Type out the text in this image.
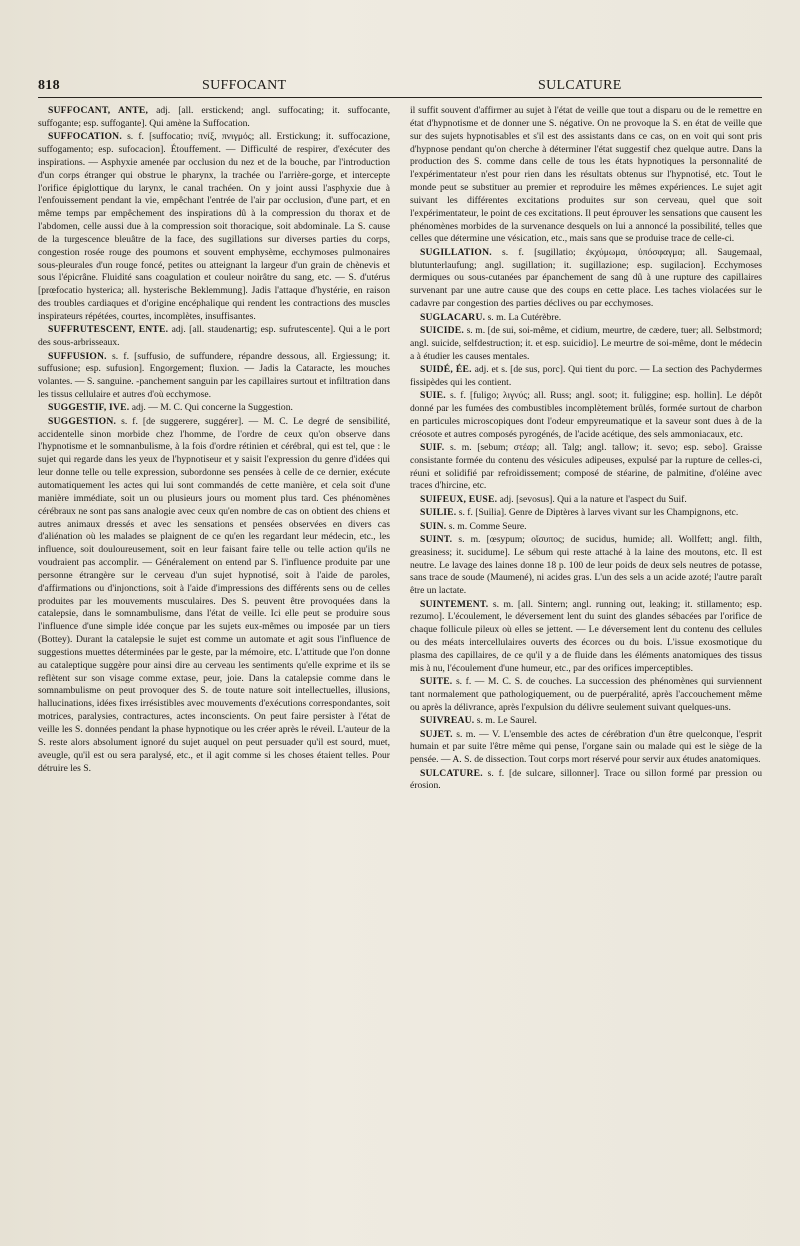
818	SUFFOCANT	SULCATURE

SUFFOCANT, ANTE, adj. [all. erstickend; angl. suffocating; it. suffocante, suffogante; esp. suffogante]. Qui amène la Suffocation.

SUFFOCATION. s. f. [suffocatio; πνίξ, πνιγμός; all. Erstickung; it. suffocazione, suffogamento; esp. sufocacion]. Étouffement. — Difficulté de respirer, d'exécuter des inspirations. — Asphyxie amenée par occlusion du nez et de la bouche, par l'introduction d'un corps étranger qui obstrue le pharynx, la trachée ou l'arrière-gorge, et intercepte l'orifice épiglottique du larynx, le canal trachéen. On y joint aussi l'asphyxie due à l'enfouissement pendant la vie, empêchant l'entrée de l'air par occlusion, d'une part, et en même temps par empêchement des inspirations dû à la compression du thorax et de l'abdomen, celle aussi due à la compression soit thoracique, soit abdominale. La S. cause de la turgescence bleuâtre de la face, des sugillations sur diverses parties du corps, congestion rosée rouge des poumons et souvent emphysème, ecchymoses pulmonaires sous-pleurales d'un rouge foncé, petites ou atteignant la largeur d'un grain de chènevis et sous l'épicrâne. Fluidité sans coagulation et couleur noirâtre du sang, etc. — S. d'utérus [prœfocatio hysterica; all. hysterische Beklemmung]. Jadis l'attaque d'hystérie, en raison des troubles cardiaques et d'origine encéphalique qui rendent les contractions des muscles inspirateurs répétées, courtes, incomplètes, insuffisantes.

SUFFRUTESCENT, ENTE. adj. [all. staudenartig; esp. sufrutescente]. Qui a le port des sous-arbrisseaux.

SUFFUSION. s. f. [suffusio, de suffundere, répandre dessous, all. Ergiessung; it. suffusione; esp. sufusion]. Engorgement; fluxion. — Jadis la Cataracte, les mouches volantes. — S. sanguine. -panchement sanguin par les capillaires surtout et infiltration dans les tissus cellulaire et autres d'où ecchymose.

SUGGESTIF, IVE. adj. — M. C. Qui concerne la Suggestion.

SUGGESTION. s. f. [de suggerere, suggérer]. — M. C. Le degré de sensibilité, accidentelle sinon morbide chez l'homme, de l'ordre de ceux qu'on observe dans l'hypnotisme et le somnanbulisme, à la fois d'ordre rétinien et cérébral, qui est tel, que : le sujet qui regarde dans les yeux de l'hypnotiseur et y saisit l'expression du genre d'idées qui leur donne telle ou telle expression, subordonne ses pensées à celle de ce dernier, exécute automatiquement les actes qui lui sont commandés de cette manière, et cela soit d'une manière immédiate, soit un ou plusieurs jours ou moment plus tard. Ces phénomènes cérébraux ne sont pas sans analogie avec ceux qu'en nombre de cas on obtient des chiens et autres animaux dressés et avec les sensations et pensées observées en divers cas d'aliénation où les malades se plaignent de ce qu'en les regardant leur médecin, etc., les influence, soit douloureusement, soit en leur faisant faire telle ou telle action qu'ils ne voudraient pas accomplir. — Généralement on entend par S. l'influence produite par une personne étrangère sur le cerveau d'un sujet hypnotisé, soit à l'aide de paroles, d'affirmations ou d'injonctions, soit à l'aide d'impressions des différents sens ou de celles produites par les mouvements musculaires. Des S. peuvent être provoquées dans la catalepsie, dans le somnambulisme, dans l'état de veille. Ici elle peut se produire sous l'influence d'une simple idée conçue par les sujets eux-mêmes ou imposée par un tiers (Bottey). Durant la catalepsie le sujet est comme un automate et agit sous l'influence de suggestions muettes déterminées par le geste, par la mémoire, etc. L'attitude que l'on donne au cataleptique suggère pour ainsi dire au cerveau les sentiments qu'elle exprime et ils se reflètent sur son visage comme extase, peur, joie. Dans la catalepsie comme dans le somnambulisme on peut provoquer des S. de toute nature soit intellectuelles, illusions, hallucinations, idées fixes irrésistibles avec mouvements d'exécutions correspondantes, soit motrices, paralysies, contractures, actes inconscients. On peut faire persister à l'état de veille les S. données pendant la phase hypnotique ou les créer après le réveil. L'auteur de la S. reste alors absolument ignoré du sujet auquel on peut persuader qu'il est sourd, muet, aveugle, qu'il est ou sera paralysé, etc., et il agit comme si les choses étaient telles. Pour détruire les S.

il suffit souvent d'affirmer au sujet à l'état de veille que tout a disparu ou de le remettre en état d'hypnotisme et de donner une S. négative. On ne provoque la S. en état de veille que sur des sujets hypnotisables et s'il est des assistants dans ce cas, on en voit qui sont pris d'hypnose pendant qu'on cherche à déterminer l'état suggestif chez quelque autre. Dans la production des S. comme dans celle de tous les états hypnotiques la personnalité de l'expérimentateur n'est pour rien dans les résultats obtenus sur l'hypnotisé, etc. Tout le monde peut se substituer au premier et reproduire les mêmes expériences. Le sujet agit suivant les différentes excitations produites sur son cerveau, quel que soit l'expérimentateur, le point de ces excitations. Il peut éprouver les sensations que causent les phénomènes morbides de la survenance desquels on lui a annoncé la possibilité, telles que celles que détermine une vésication, etc., mais sans que se produise trace de celle-ci.

SUGILLATION. s. f. [sugillatio; ἐκχύμωμα, ὑπόσφαγμα; all. Saugemaal, blutunterlaufung; angl. sugillation; it. sugillazione; esp. sugilacion]. Ecchymoses dermiques ou sous-cutanées par épanchement de sang dû à une rupture des capillaires survenant par une autre cause que des coups en cette place. Les taches violacées sur le cadavre par congestion des parties déclives ou par ecchymoses.

SUGLACARU. s. m. La Cutérèbre.

SUICIDE. s. m. [de sui, soi-même, et cidium, meurtre, de cædere, tuer; all. Selbstmord; angl. suicide, selfdestruction; it. et esp. suicidio]. Le meurtre de soi-même, dont le médecin a à étudier les causes mentales.

SUIDÉ, ÉE. adj. et s. [de sus, porc]. Qui tient du porc. — La section des Pachydermes fissipèdes qui les contient.

SUIE. s. f. [fuligo; λιγνύς; all. Russ; angl. soot; it. fuliggine; esp. hollin]. Le dépôt donné par les fumées des combustibles incomplètement brûlés, formée surtout de charbon en particules microscopiques dont l'odeur empyreumatique et la saveur sont dues à de la créosote et autres composés pyrogénés, de l'acide acétique, des sels ammoniacaux, etc.

SUIF. s. m. [sebum; στέαρ; all. Talg; angl. tallow; it. sevo; esp. sebo]. Graisse consistante formée du contenu des vésicules adipeuses, expulsé par la rupture de celles-ci, réuni et solidifié par refroidissement; composé de stéarine, de palmitine, d'oléine avec traces d'hircine, etc.

SUIFEUX, EUSE. adj. [sevosus]. Qui a la nature et l'aspect du Suif.

SUILIE. s. f. [Suilia]. Genre de Diptères à larves vivant sur les Champignons, etc.

SUIN. s. m. Comme Seure.

SUINT. s. m. [œsypum; οἴσυπος; de sucidus, humide; all. Wollfett; angl. filth, greasiness; it. sucidume]. Le sébum qui reste attaché à la laine des moutons, etc. Il est neutre. Le lavage des laines donne 18 p. 100 de leur poids de deux sels neutres de potasse, sans trace de soude (Maumené), ni acides gras. L'un des sels a un acide azoté; l'autre paraît être un lactate.

SUINTEMENT. s. m. [all. Sintern; angl. running out, leaking; it. stillamento; esp. rezumo]. L'écoulement, le déversement lent du suint des glandes sébacées par l'orifice de chaque follicule pileux où elles se jettent. — Le déversement lent du contenu des cellules ou des méats intercellulaires ouverts des écorces ou du bois. L'issue exosmotique du plasma des capillaires, de ce qu'il y a de fluide dans les éléments anatomiques des tissus mis à nu, l'écoulement d'une humeur, etc., par des orifices imperceptibles.

SUITE. s. f. — M. C. S. de couches. La succession des phénomènes qui surviennent tant normalement que pathologiquement, ou de puerpéralité, après l'accouchement même ou après la délivrance, après l'expulsion du délivre seulement suivant quelques-uns.

SUIVREAU. s. m. Le Saurel.

SUJET. s. m. — V. L'ensemble des actes de cérébration d'un être quelconque, l'esprit humain et par suite l'être même qui pense, l'organe sain ou malade qui est le siège de la pensée. — A. S. de dissection. Tout corps mort réservé pour servir aux études anatomiques.

SULCATURE. s. f. [de sulcare, sillonner]. Trace ou sillon formé par pression ou érosion.
